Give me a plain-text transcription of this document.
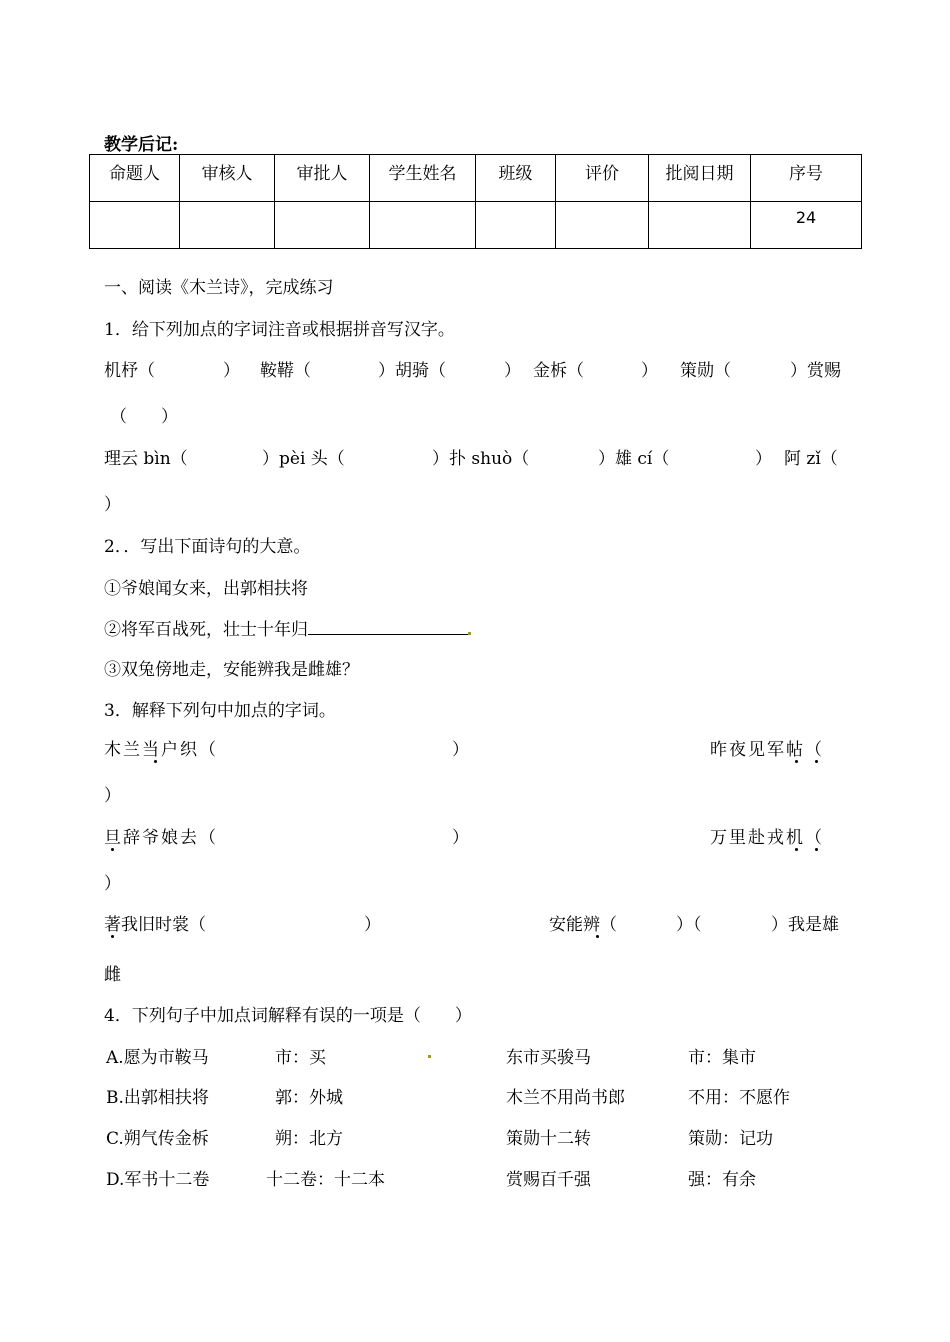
教学后记:
命题人	审核人	审批人	学生姓名	班级	评价	批阅日期	序号
							24
一、阅读《木兰诗》，完成练习
1．给下列加点的字词注音或根据拼音写汉字。
机杼（	） 鞍鞯（	）胡骑（	） 金柝（	） 策勋（	）赏赐
（　　）
理云 bìn（	）pèi 头（	）扑 shuò（	）雄 cí（	） 阿 zǐ（
）
2．．写出下面诗句的大意。
①爷娘闻女来，出郭相扶将
②将军百战死，壮士十年归
③双兔傍地走，安能辨我是雌雄？
3．解释下列句中加点的字词。
木兰当户织（	）	昨夜见军帖（
）
旦辞爷娘去（	）	万里赴戎机（
）
著我旧时裳（	）	安能辨（	）（	）我是雄
雌
4．下列句子中加点词解释有误的一项是（　　）
A.愿为市鞍马	市：买	东市买骏马	市：集市
B.出郭相扶将	郭：外城	木兰不用尚书郎	不用：不愿作
C.朔气传金柝	朔：北方	策勋十二转	策勋：记功
D.军书十二卷	十二卷：十二本	赏赐百千强	强：有余
